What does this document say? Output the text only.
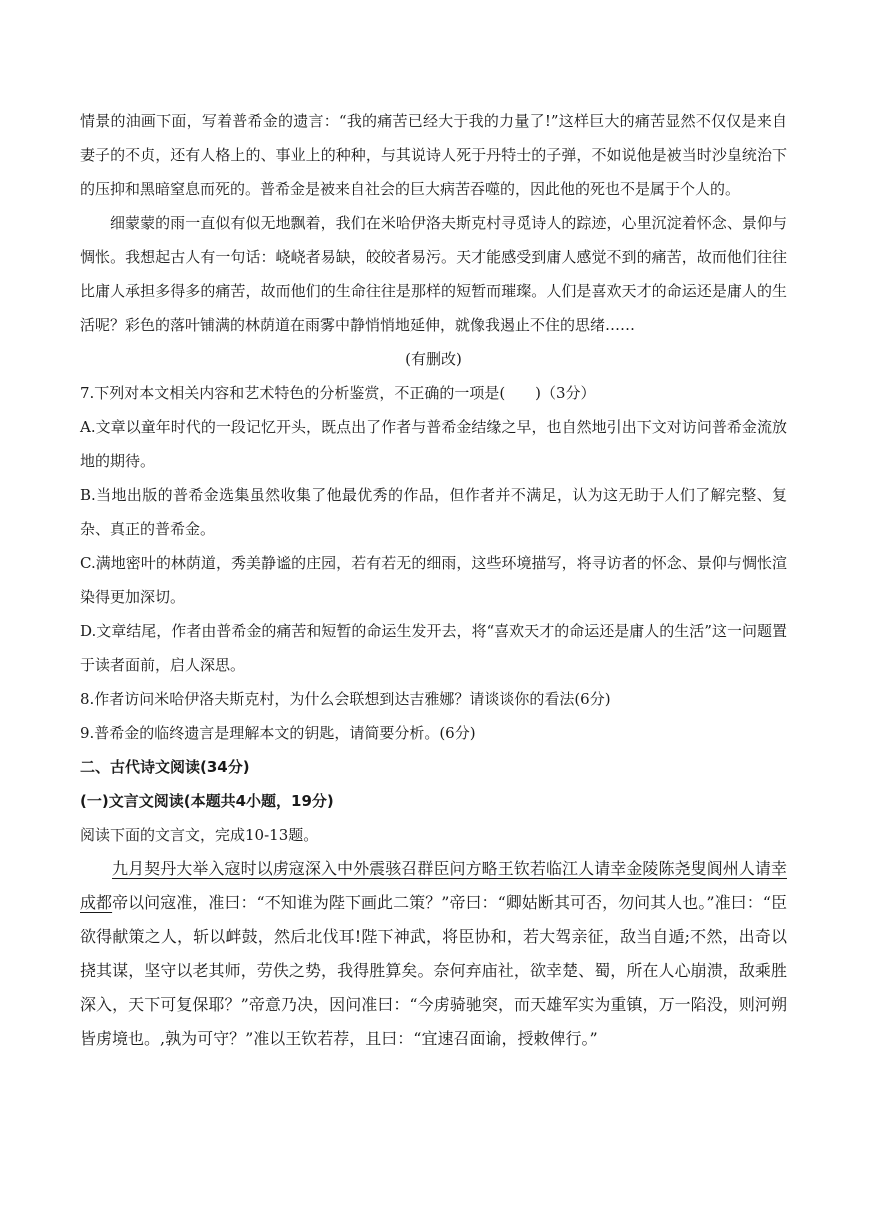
情景的油画下面，写着普希金的遗言：“我的痛苦已经大于我的力量了!”这样巨大的痛苦显然不仅仅是来自妻子的不贞，还有人格上的、事业上的种种，与其说诗人死于丹特士的子弹，不如说他是被当时沙皇统治下的压抑和黑暗窒息而死的。普希金是被来自社会的巨大病苦吞噬的，因此他的死也不是属于个人的。

细蒙蒙的雨一直似有似无地飘着，我们在米哈伊洛夫斯克村寻觅诗人的踪迹，心里沉淀着怀念、景仰与惆怅。我想起古人有一句话：峣峣者易缺，皎皎者易污。天才能感受到庸人感觉不到的痛苦，故而他们往往比庸人承担多得多的痛苦，故而他们的生命往往是那样的短暂而璀璨。人们是喜欢天才的命运还是庸人的生活呢？彩色的落叶铺满的林荫道在雨雾中静悄悄地延伸，就像我遏止不住的思绪……

(有删改)

7.下列对本文相关内容和艺术特色的分析鉴赏，不正确的一项是(　　)（3分）

A.文章以童年时代的一段记忆开头，既点出了作者与普希金结缘之早，也自然地引出下文对访问普希金流放地的期待。

B.当地出版的普希金选集虽然收集了他最优秀的作品，但作者并不满足，认为这无助于人们了解完整、复杂、真正的普希金。

C.满地密叶的林荫道，秀美静谧的庄园，若有若无的细雨，这些环境描写，将寻访者的怀念、景仰与惆怅渲染得更加深切。

D.文章结尾，作者由普希金的痛苦和短暂的命运生发开去，将“喜欢天才的命运还是庸人的生活”这一问题置于读者面前，启人深思。

8.作者访问米哈伊洛夫斯克村，为什么会联想到达吉雅娜？请谈谈你的看法(6分)

9.普希金的临终遗言是理解本文的钥匙，请简要分析。(6分)

二、古代诗文阅读(34分)

(一)文言文阅读(本题共4小题，19分)

阅读下面的文言文，完成10-13题。

九月契丹大举入寇时以虏寇深入中外震骇召群臣问方略王钦若临江人请幸金陵陈尧叟阆州人请幸成都帝以问寇准，准曰：“不知谁为陛下画此二策？”帝曰：“卿姑断其可否，勿问其人也。”准曰：“臣欲得献策之人，斩以衅鼓，然后北伐耳!陛下神武，将臣协和，若大驾亲征，敌当自遁;不然，出奇以挠其谋，坚守以老其师，劳佚之势，我得胜算矣。奈何弃庙社，欲幸楚、蜀，所在人心崩溃，敌乘胜深入，天下可复保耶？”帝意乃决，因问准曰：“今虏骑驰突，而天雄军实为重镇，万一陷没，则河朔皆虏境也。,孰为可守？”准以王钦若荐，且曰：“宜速召面谕，授敕俾行。”
